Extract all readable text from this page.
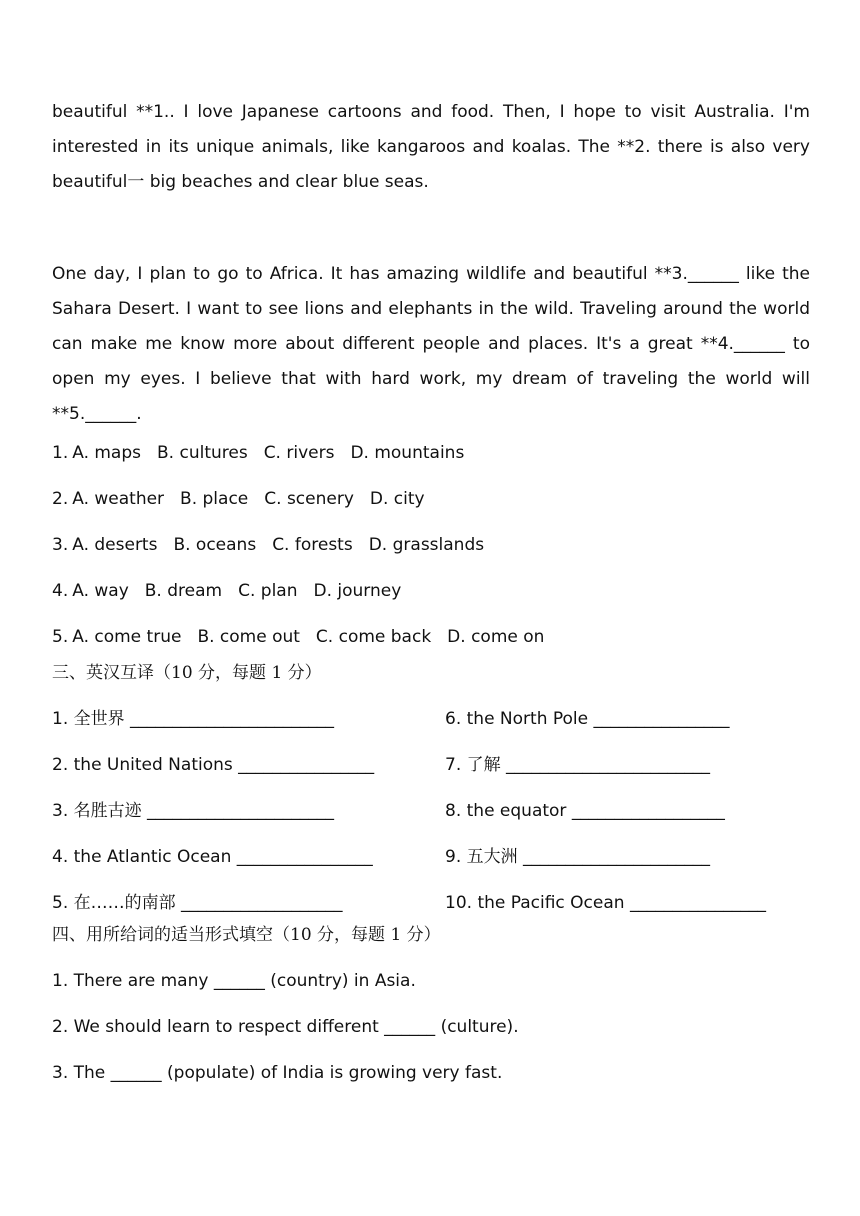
beautiful **1.. I love Japanese cartoons and food. Then, I hope to visit Australia. I'm interested in its unique animals, like kangaroos and koalas. The **2. there is also very beautiful一 big beaches and clear blue seas.

One day, I plan to go to Africa. It has amazing wildlife and beautiful **3.______ like the Sahara Desert. I want to see lions and elephants in the wild. Traveling around the world can make me know more about different people and places. It's a great **4.______ to open my eyes. I believe that with hard work, my dream of traveling the world will **5.______.

1. A. maps B. cultures C. rivers D. mountains
2. A. weather B. place C. scenery D. city
3. A. deserts B. oceans C. forests D. grasslands
4. A. way B. dream C. plan D. journey
5. A. come true B. come out C. come back D. come on
三、英汉互译（10 分，每题 1 分）
1. 全世界 ________________________	6. the North Pole ________________
2. the United Nations ________________	7. 了解 ________________________
3. 名胜古迹 ______________________	8. the equator __________________
4. the Atlantic Ocean ________________	9. 五大洲 ______________________
5. 在……的南部 ___________________	10. the Pacific Ocean ________________
四、用所给词的适当形式填空（10 分，每题 1 分）
1. There are many ______ (country) in Asia.
2. We should learn to respect different ______ (culture).
3. The ______ (populate) of India is growing very fast.
